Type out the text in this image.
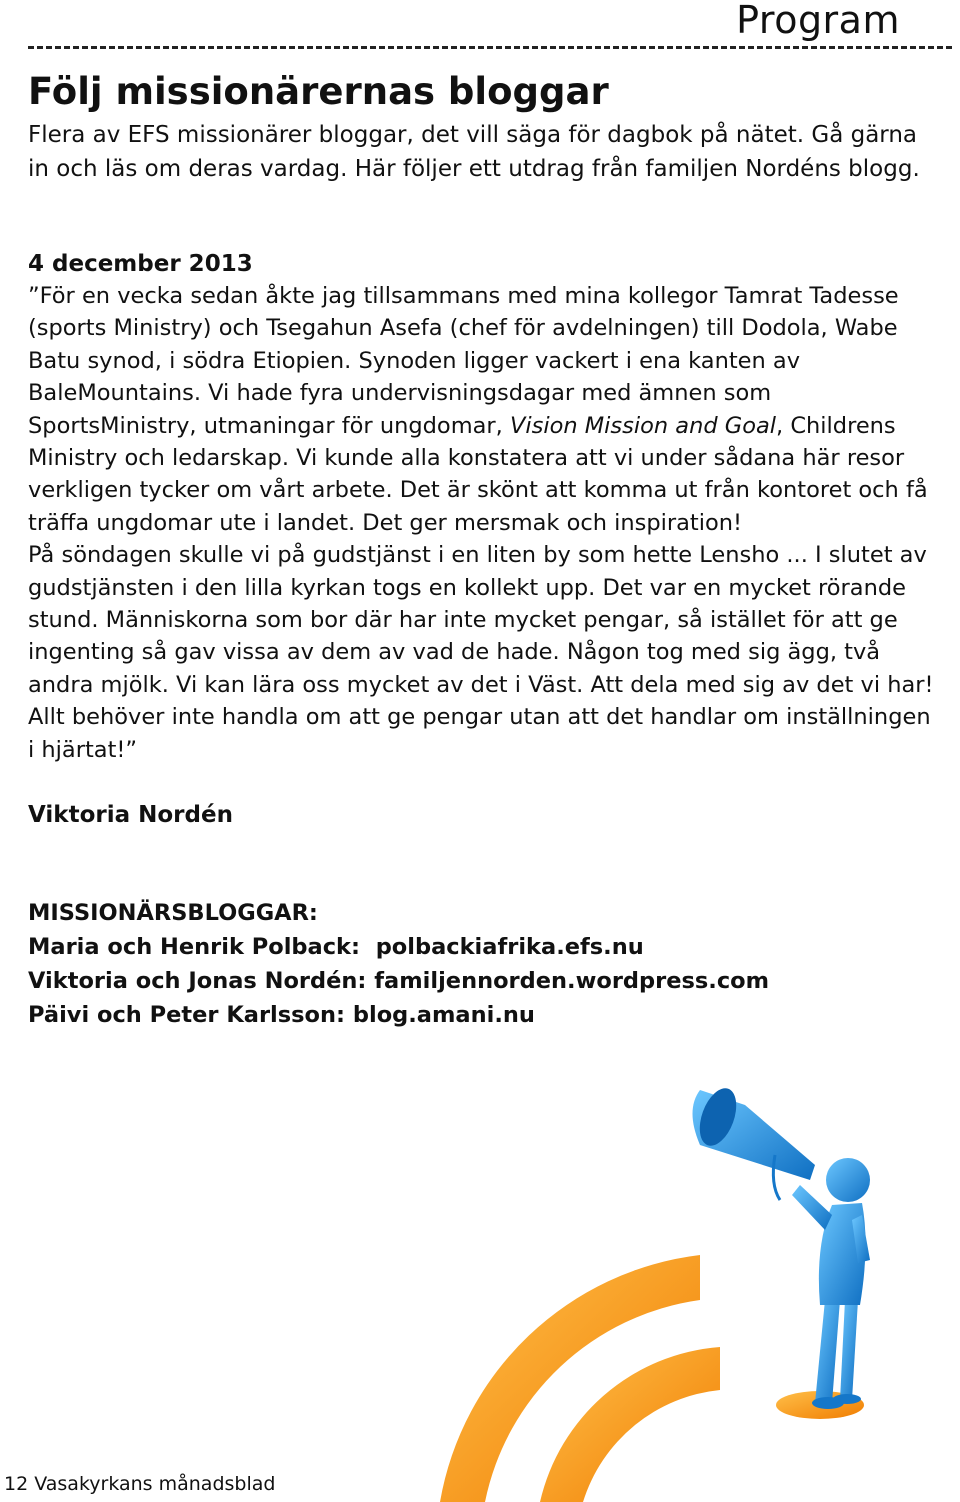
Program
Följ missionärernas bloggar

Flera av EFS missionärer bloggar, det vill säga för dagbok på nätet. Gå gärna in och läs om deras vardag. Här följer ett utdrag från familjen Nordéns blogg.

4 december 2013

”För en vecka sedan åkte jag tillsammans med mina kollegor Tamrat Tadesse (sports Ministry) och Tsegahun Asefa (chef för avdelningen) till Dodola, Wabe Batu synod, i södra Etiopien. Synoden ligger vackert i ena kanten av BaleMountains. Vi hade fyra undervisningsdagar med ämnen som SportsMinistry, utmaningar för ungdomar, Vision Mission and Goal, Childrens Ministry och ledarskap. Vi kunde alla konstatera att vi under sådana här resor verkligen tycker om vårt arbete. Det är skönt att komma ut från kontoret och få träffa ungdomar ute i landet. Det ger mersmak och inspiration!

På söndagen skulle vi på gudstjänst i en liten by som hette Lensho ... I slutet av gudstjänsten i den lilla kyrkan togs en kollekt upp. Det var en mycket rörande stund. Människorna som bor där har inte mycket pengar, så istället för att ge ingenting så gav vissa av dem av vad de hade. Någon tog med sig ägg, två andra mjölk. Vi kan lära oss mycket av det i Väst. Att dela med sig av det vi har! Allt behöver inte handla om att ge pengar utan att det handlar om inställningen i hjärtat!”

Viktoria Nordén

MISSIONÄRSBLOGGAR:
Maria och Henrik Polback: polbackiafrika.efs.nu
Viktoria och Jonas Nordén: familjennorden.wordpress.com
Päivi och Peter Karlsson: blog.amani.nu

12 Vasakyrkans månadsblad
